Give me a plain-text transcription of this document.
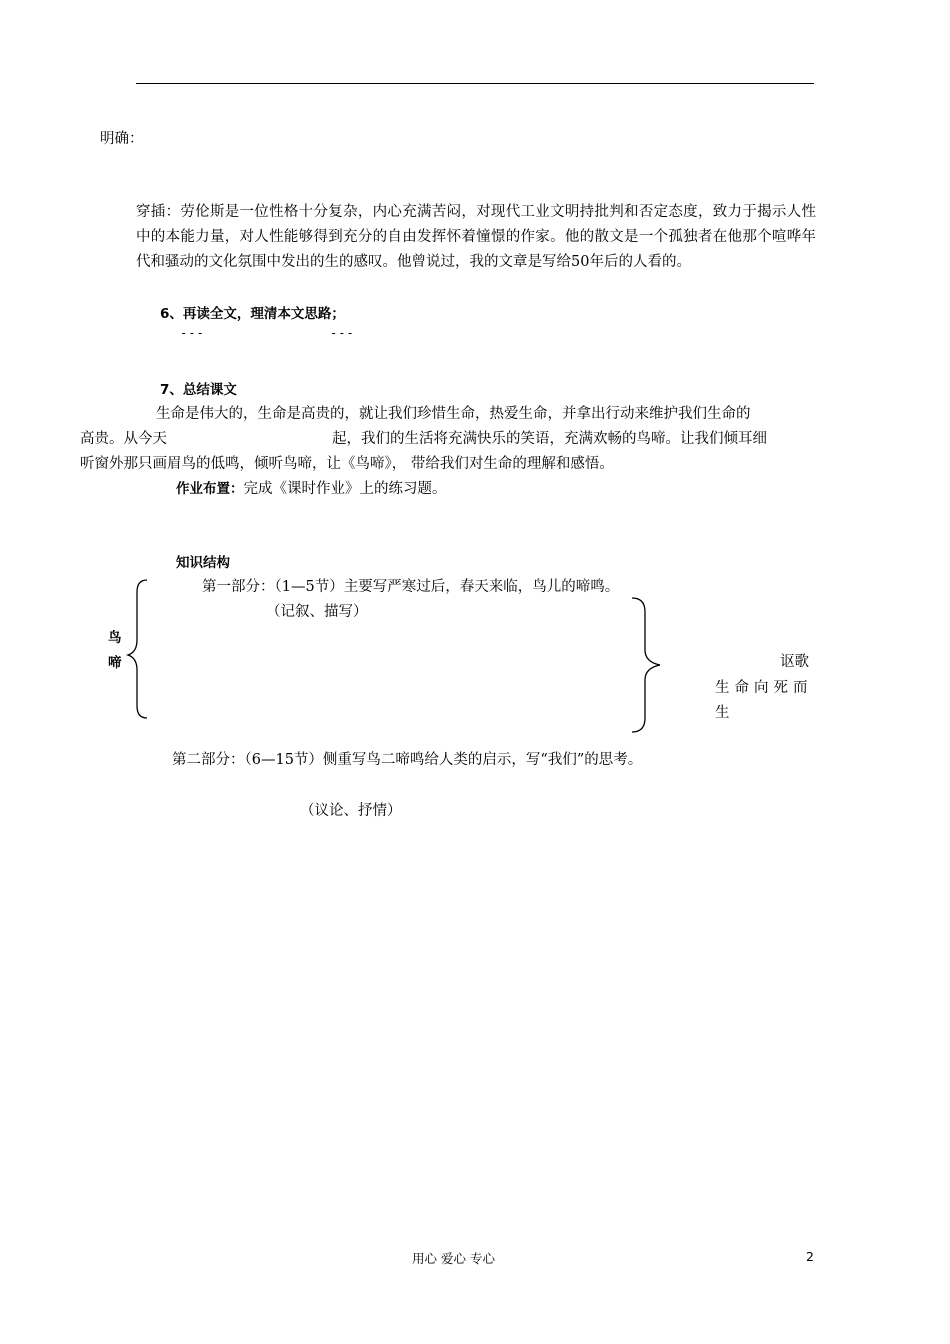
明确：
穿插：劳伦斯是一位性格十分复杂，内心充满苦闷，对现代工业文明持批判和否定态度，致力于揭示人性中的本能力量，对人性能够得到充分的自由发挥怀着憧憬的作家。他的散文是一个孤独者在他那个喧哗年代和骚动的文化氛围中发出的生的感叹。他曾说过，我的文章是写给50年后的人看的。
6、再读全文，理清本文思路；
---	---
7、总结课文
生命是伟大的，生命是高贵的，就让我们珍惜生命，热爱生命，并拿出行动来维护我们生命的
高贵。从今天	起，我们的生活将充满快乐的笑语，充满欢畅的鸟啼。让我们倾耳细
听窗外那只画眉鸟的低鸣，倾听鸟啼，让《鸟啼》， 带给我们对生命的理解和感悟。
作业布置：完成《课时作业》上的练习题。
知识结构
鸟
啼
第一部分：（1—5节）主要写严寒过后，春天来临，鸟儿的啼鸣。
（记叙、描写）
讴歌
生命向死而
生
第二部分：（6—15节）侧重写鸟二啼鸣给人类的启示，写“我们”的思考。
（议论、抒情）
用心 爱心 专心	2
